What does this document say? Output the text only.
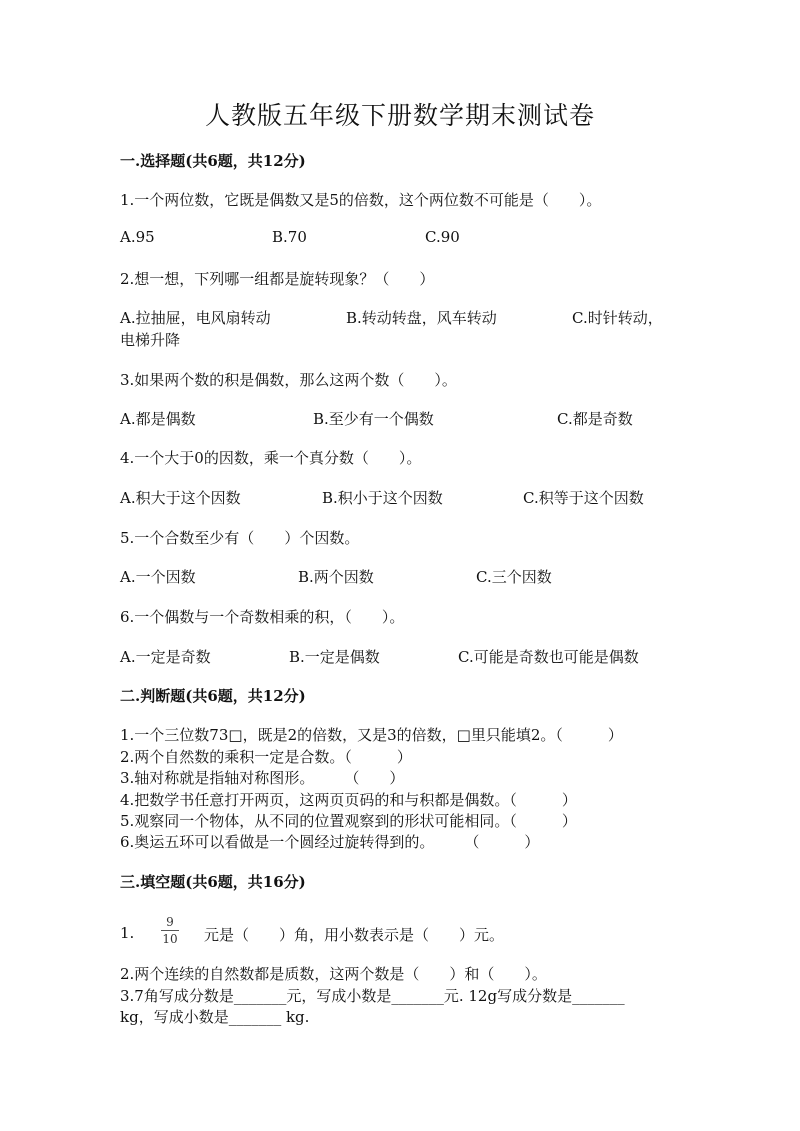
人教版五年级下册数学期末测试卷
一.选择题(共6题，共12分)
1.一个两位数，它既是偶数又是5的倍数，这个两位数不可能是（　　）。
A.95	B.70	C.90
2.想一想，下列哪一组都是旋转现象？（　　）
A.拉抽屉，电风扇转动	B.转动转盘，风车转动	C.时针转动，
电梯升降
3.如果两个数的积是偶数，那么这两个数（　　）。
A.都是偶数	B.至少有一个偶数	C.都是奇数
4.一个大于0的因数，乘一个真分数（　　）。
A.积大于这个因数	B.积小于这个因数	C.积等于这个因数
5.一个合数至少有（　　）个因数。
A.一个因数	B.两个因数	C.三个因数
6.一个偶数与一个奇数相乘的积，（　　）。
A.一定是奇数	B.一定是偶数	C.可能是奇数也可能是偶数
二.判断题(共6题，共12分)
1.一个三位数73□，既是2的倍数，又是3的倍数，□里只能填2。（　　　）
2.两个自然数的乘积一定是合数。（　　　）
3.轴对称就是指轴对称图形。　　　（　　）
4.把数学书任意打开两页，这两页页码的和与积都是偶数。（　　　）
5.观察同一个物体，从不同的位置观察到的形状可能相同。（　　　）
6.奥运五环可以看做是一个圆经过旋转得到的。　　　（　　　）
三.填空题(共6题，共16分)
1.
9
10 元是（　　）角，用小数表示是（　　）元。
2.两个连续的自然数都是质数，这两个数是（　　）和（　　）。
3.7角写成分数是_______元，写成小数是_______元. 12g写成分数是_______
kg，写成小数是_______ kg.
